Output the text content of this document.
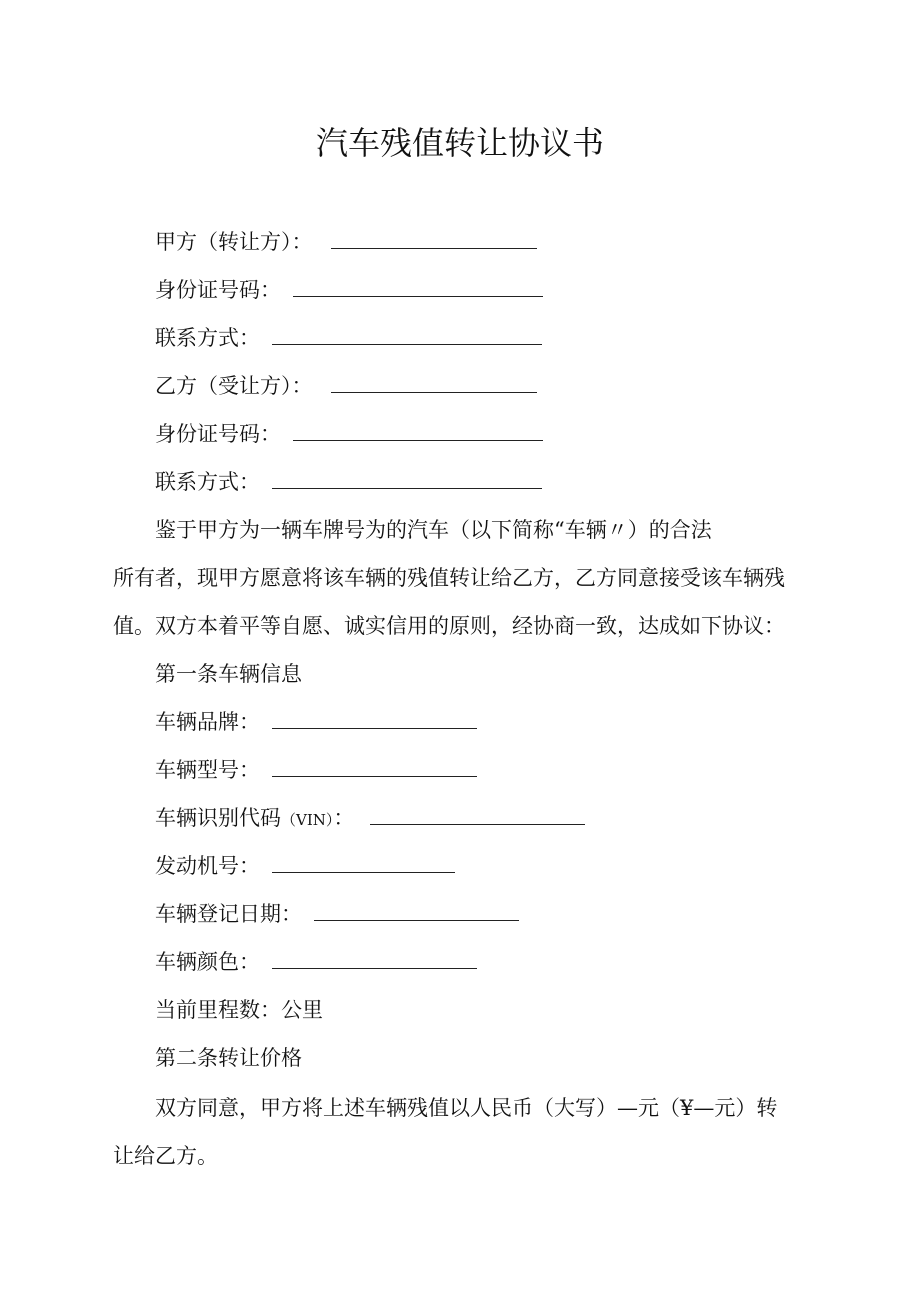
汽车残值转让协议书
甲方（转让方）：
身份证号码：
联系方式：
乙方（受让方）：
身份证号码：
联系方式：
鉴于甲方为一辆车牌号为的汽车（以下简称“车辆〃）的合法
所有者，现甲方愿意将该车辆的残值转让给乙方，乙方同意接受该车辆残
值。双方本着平等自愿、诚实信用的原则，经协商一致，达成如下协议：
第一条车辆信息
车辆品牌：
车辆型号：
车辆识别代码（VIN）：
发动机号：
车辆登记日期：
车辆颜色：
当前里程数：公里
第二条转让价格
双方同意，甲方将上述车辆残值以人民币（大写）—元（¥—元）转
让给乙方。
